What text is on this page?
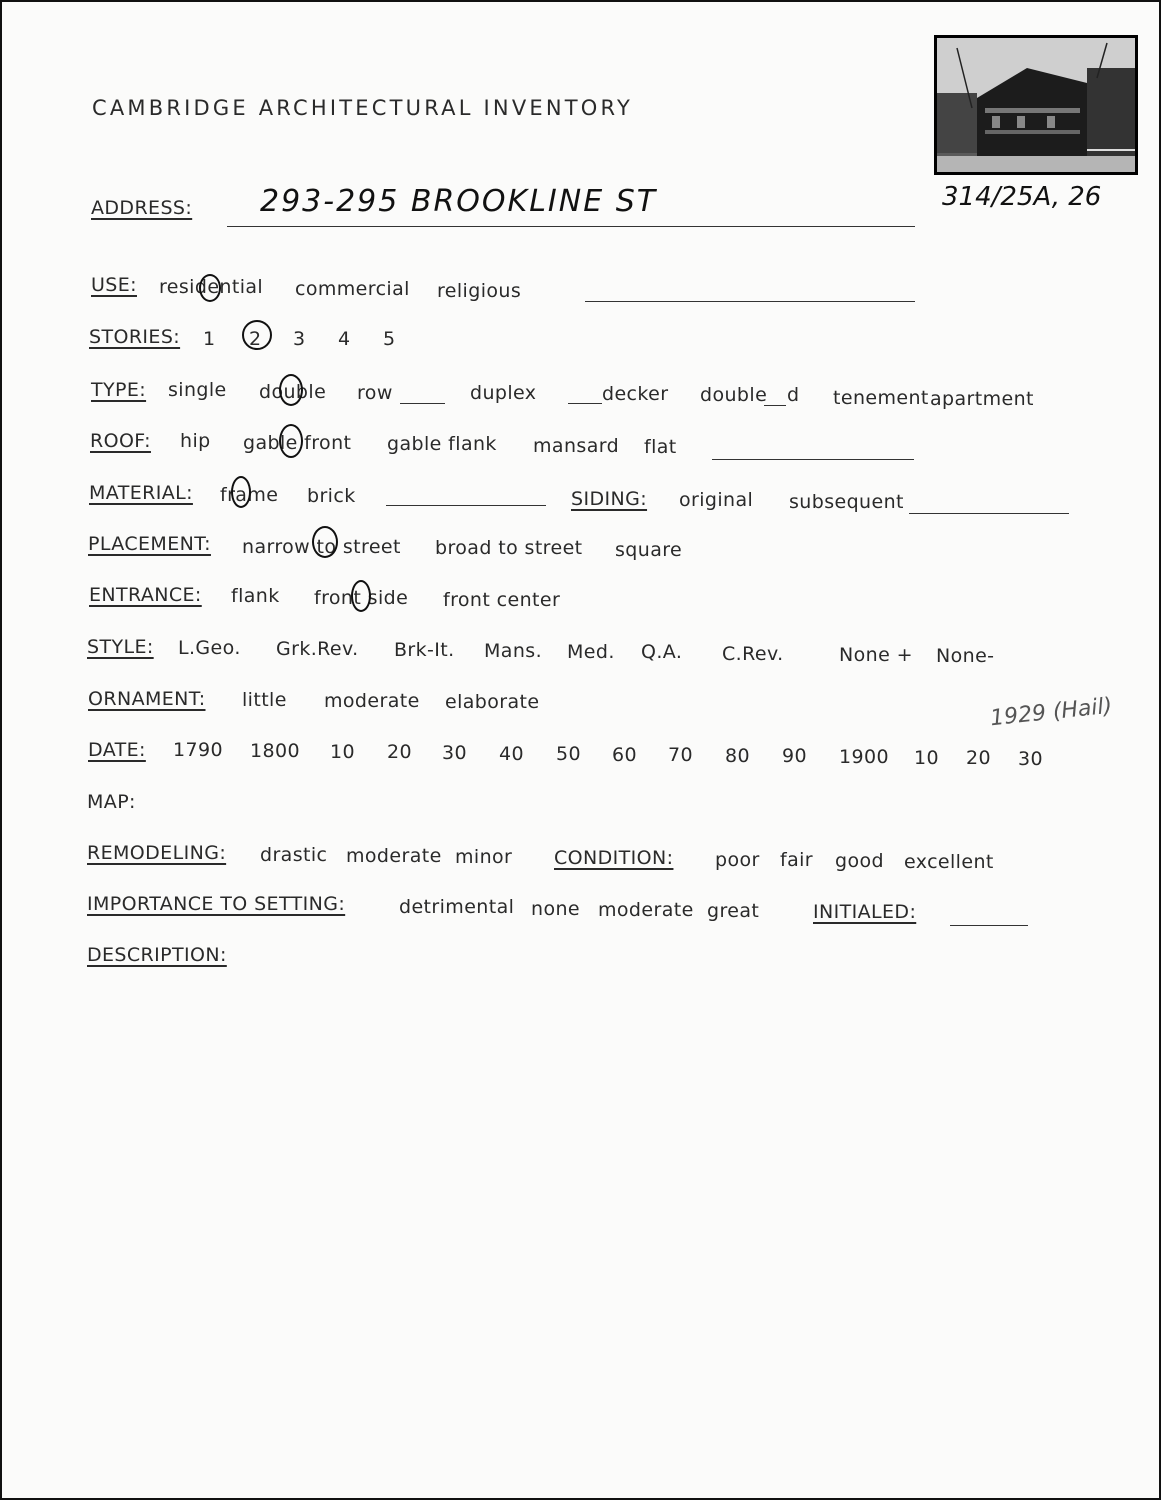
CAMBRIDGE ARCHITECTURAL INVENTORY
ADDRESS: 293-295 BROOKLINE ST	314/25A, 26
USE: residential commercial religious
STORIES: 1 2 3 4 5
TYPE: single double row	duplex	decker double d tenement apartment
ROOF: hip gable front gable flank mansard flat
MATERIAL: frame brick	SIDING: original subsequent
PLACEMENT: narrow to street broad to street square
ENTRANCE: flank front side front center
STYLE: L.Geo. Grk.Rev. Brk-It. Mans. Med. Q.A. C.Rev.	None + None-
ORNAMENT: little moderate elaborate	1929 (Hail)
DATE: 1790 1800 10 20 30 40 50 60 70 80 90 1900 10 20 30
MAP:
REMODELING: drastic moderate minor CONDITION: poor fair good excellent
IMPORTANCE TO SETTING:	detrimental none moderate great	INITIALED:
DESCRIPTION:
